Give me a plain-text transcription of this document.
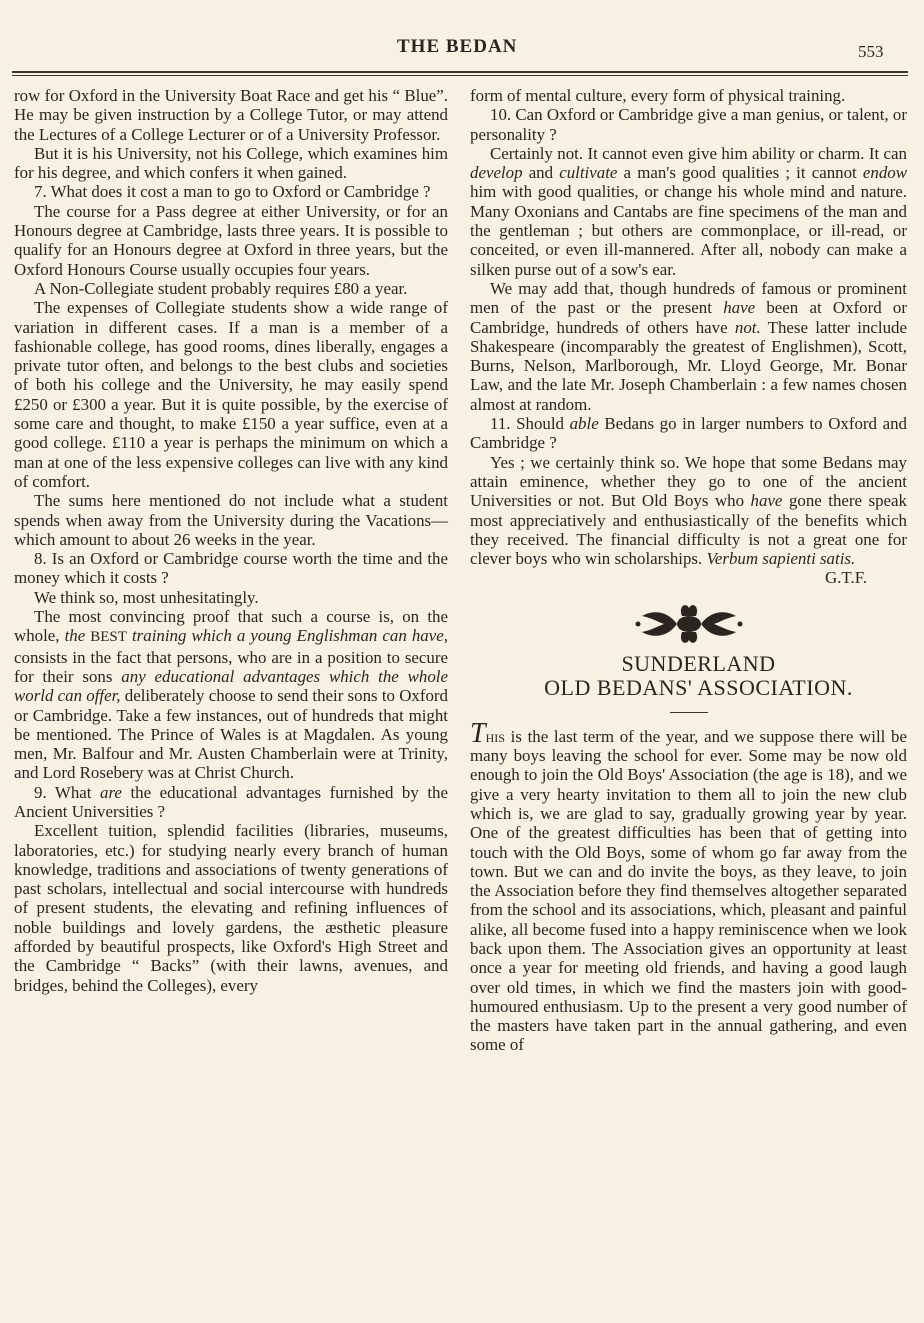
THE BEDAN	553

row for Oxford in the University Boat Race and get his “ Blue”. He may be given instruction by a College Tutor, or may attend the Lectures of a College Lecturer or of a University Professor.

But it is his University, not his College, which examines him for his degree, and which confers it when gained.

7. What does it cost a man to go to Oxford or Cambridge ?

The course for a Pass degree at either University, or for an Honours degree at Cambridge, lasts three years. It is possible to qualify for an Honours degree at Oxford in three years, but the Oxford Honours Course usually occupies four years.

A Non-Collegiate student probably requires £80 a year.

The expenses of Collegiate students show a wide range of variation in different cases. If a man is a member of a fashionable college, has good rooms, dines liberally, engages a private tutor often, and belongs to the best clubs and societies of both his college and the University, he may easily spend £250 or £300 a year. But it is quite possible, by the exercise of some care and thought, to make £150 a year suffice, even at a good college. £110 a year is perhaps the minimum on which a man at one of the less expensive colleges can live with any kind of comfort.

The sums here mentioned do not include what a student spends when away from the University during the Vacations—which amount to about 26 weeks in the year.

8. Is an Oxford or Cambridge course worth the time and the money which it costs ?

We think so, most unhesitatingly.

The most convincing proof that such a course is, on the whole, the BEST training which a young Englishman can have, consists in the fact that persons, who are in a position to secure for their sons any educational advantages which the whole world can offer, deliberately choose to send their sons to Oxford or Cambridge. Take a few instances, out of hundreds that might be mentioned. The Prince of Wales is at Magdalen. As young men, Mr. Balfour and Mr. Austen Chamberlain were at Trinity, and Lord Rosebery was at Christ Church.

9. What are the educational advantages furnished by the Ancient Universities ?

Excellent tuition, splendid facilities (libraries, museums, laboratories, etc.) for studying nearly every branch of human knowledge, traditions and associations of twenty generations of past scholars, intellectual and social intercourse with hundreds of present students, the elevating and refining influences of noble buildings and lovely gardens, the æsthetic pleasure afforded by beautiful prospects, like Oxford's High Street and the Cambridge “ Backs” (with their lawns, avenues, and bridges, behind the Colleges), every

form of mental culture, every form of physical training.

10. Can Oxford or Cambridge give a man genius, or talent, or personality ?

Certainly not. It cannot even give him ability or charm. It can develop and cultivate a man's good qualities ; it cannot endow him with good qualities, or change his whole mind and nature. Many Oxonians and Cantabs are fine specimens of the man and the gentleman ; but others are commonplace, or ill-read, or conceited, or even ill-mannered. After all, nobody can make a silken purse out of a sow's ear.

We may add that, though hundreds of famous or prominent men of the past or the present have been at Oxford or Cambridge, hundreds of others have not. These latter include Shakespeare (incomparably the greatest of Englishmen), Scott, Burns, Nelson, Marlborough, Mr. Lloyd George, Mr. Bonar Law, and the late Mr. Joseph Chamberlain : a few names chosen almost at random.

11. Should able Bedans go in larger numbers to Oxford and Cambridge ?

Yes ; we certainly think so. We hope that some Bedans may attain eminence, whether they go to one of the ancient Universities or not. But Old Boys who have gone there speak most appreciatively and enthusiastically of the benefits which they received. The financial difficulty is not a great one for clever boys who win scholarships. Verbum sapienti satis.

G.T.F.

SUNDERLAND

OLD BEDANS' ASSOCIATION.

This is the last term of the year, and we suppose there will be many boys leaving the school for ever. Some may be now old enough to join the Old Boys' Association (the age is 18), and we give a very hearty invitation to them all to join the new club which is, we are glad to say, gradually growing year by year. One of the greatest difficulties has been that of getting into touch with the Old Boys, some of whom go far away from the town. But we can and do invite the boys, as they leave, to join the Association before they find themselves altogether separated from the school and its associations, which, pleasant and painful alike, all become fused into a happy reminiscence when we look back upon them. The Association gives an opportunity at least once a year for meeting old friends, and having a good laugh over old times, in which we find the masters join with good-humoured enthusiasm. Up to the present a very good number of the masters have taken part in the annual gathering, and even some of
